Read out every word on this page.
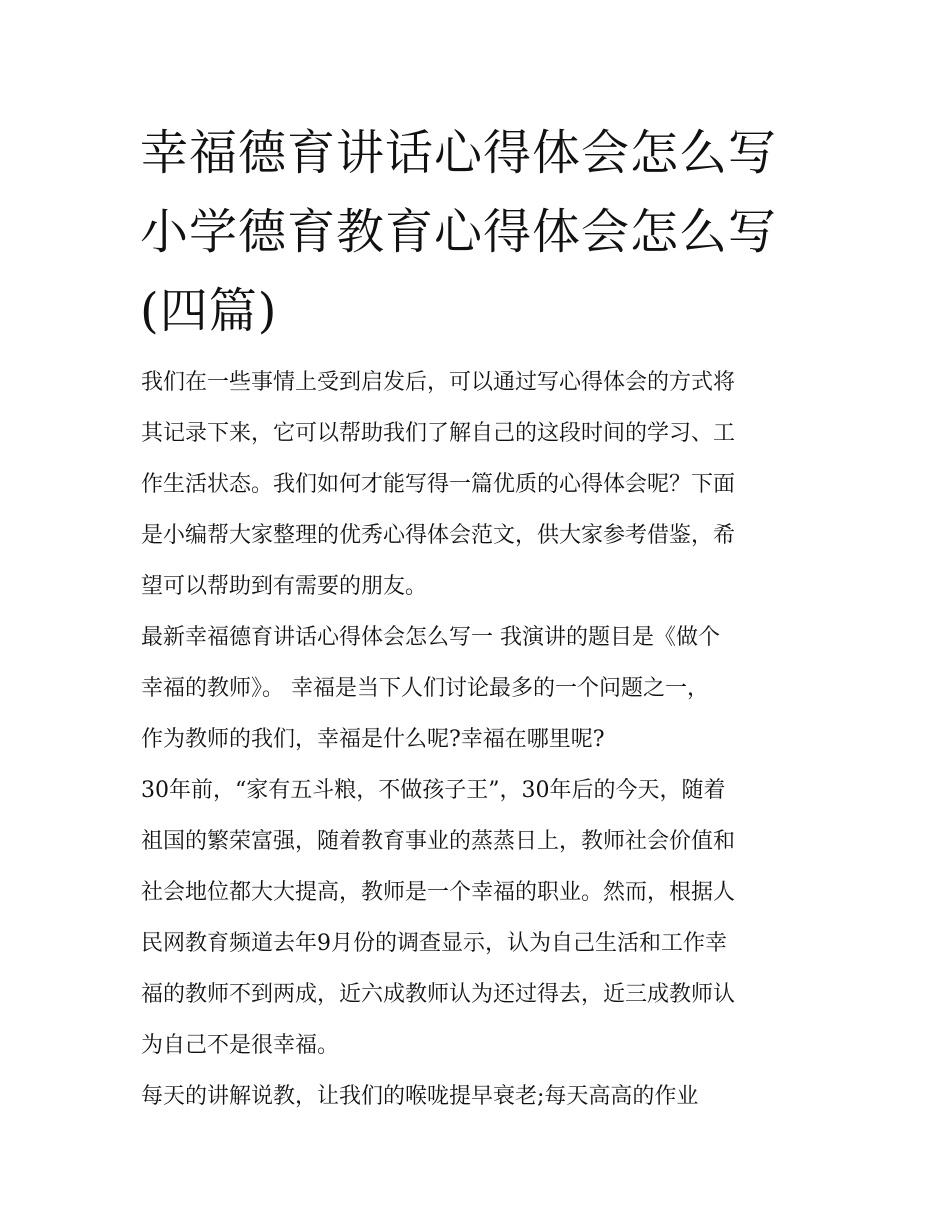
幸福德育讲话心得体会怎么写
小学德育教育心得体会怎么写
(四篇)

我们在一些事情上受到启发后，可以通过写心得体会的方式将
其记录下来，它可以帮助我们了解自己的这段时间的学习、工
作生活状态。我们如何才能写得一篇优质的心得体会呢？下面
是小编帮大家整理的优秀心得体会范文，供大家参考借鉴，希
望可以帮助到有需要的朋友。

最新幸福德育讲话心得体会怎么写一 我演讲的题目是《做个
幸福的教师》。 幸福是当下人们讨论最多的一个问题之一，
作为教师的我们，幸福是什么呢?幸福在哪里呢?

30年前，“家有五斗粮，不做孩子王”，30年后的今天，随着
祖国的繁荣富强，随着教育事业的蒸蒸日上，教师社会价值和
社会地位都大大提高，教师是一个幸福的职业。然而，根据人
民网教育频道去年9月份的调查显示，认为自己生活和工作幸
福的教师不到两成，近六成教师认为还过得去，近三成教师认
为自己不是很幸福。

每天的讲解说教，让我们的喉咙提早衰老;每天高高的作业
